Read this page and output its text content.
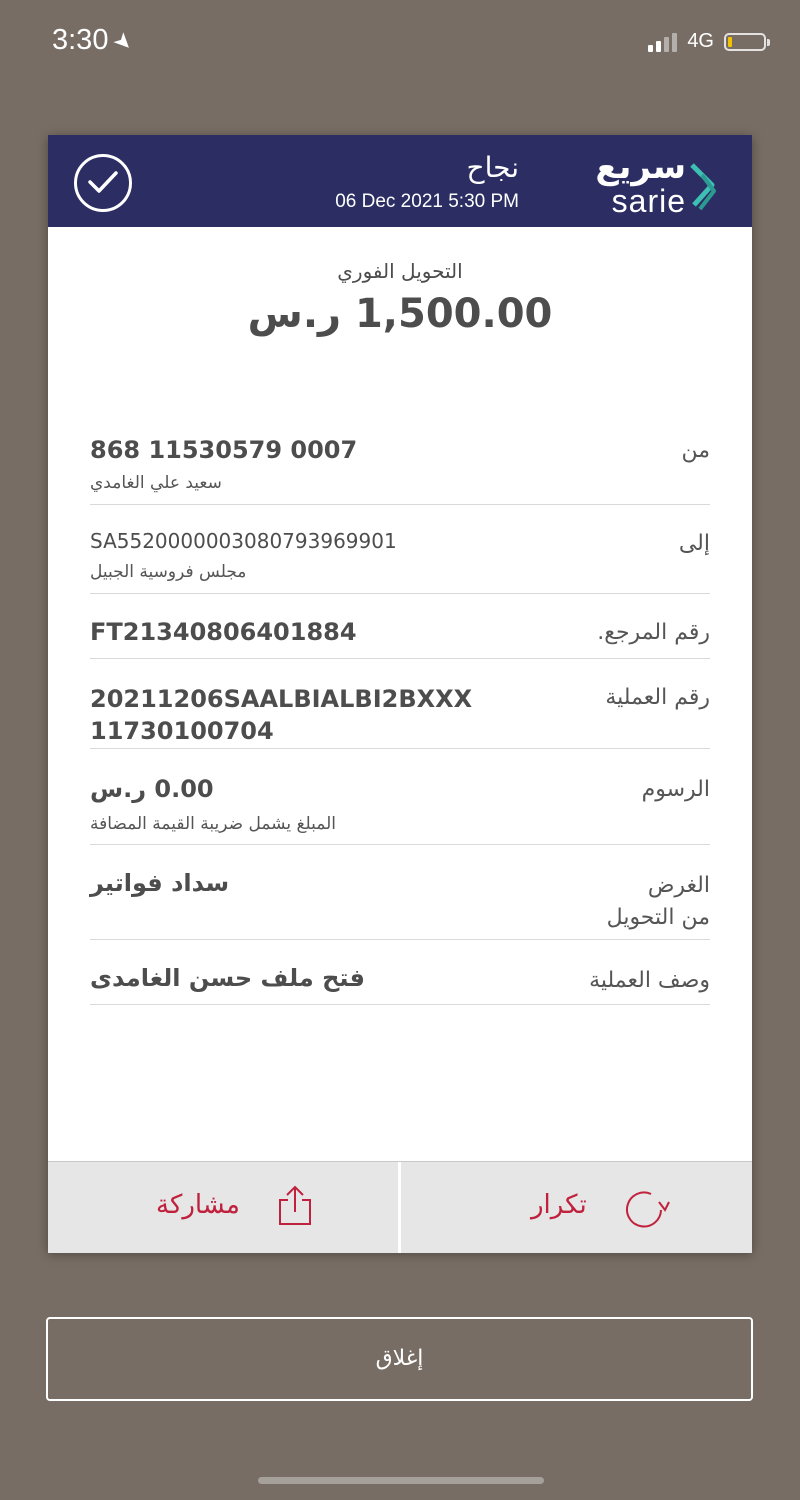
3:30➤	4G
نجاح
06 Dec 2021 5:30 PM
سريع
sarie
التحويل الفوري
1,500.00 ر.س
من
868 11530579 0007
سعيد علي الغامدي
إلى
SA5520000003080793969901
مجلس فروسية الجبيل
رقم المرجع.
FT21340806401884
رقم العملية
20211206SAALBIALBI2BXXX
11730100704
الرسوم
0.00 ر.س
المبلغ يشمل ضريبة القيمة المضافة
الغرض
من التحويل
سداد فواتير
وصف العملية
فتح ملف حسن الغامدى
مشاركة	تكرار
إغلاق
